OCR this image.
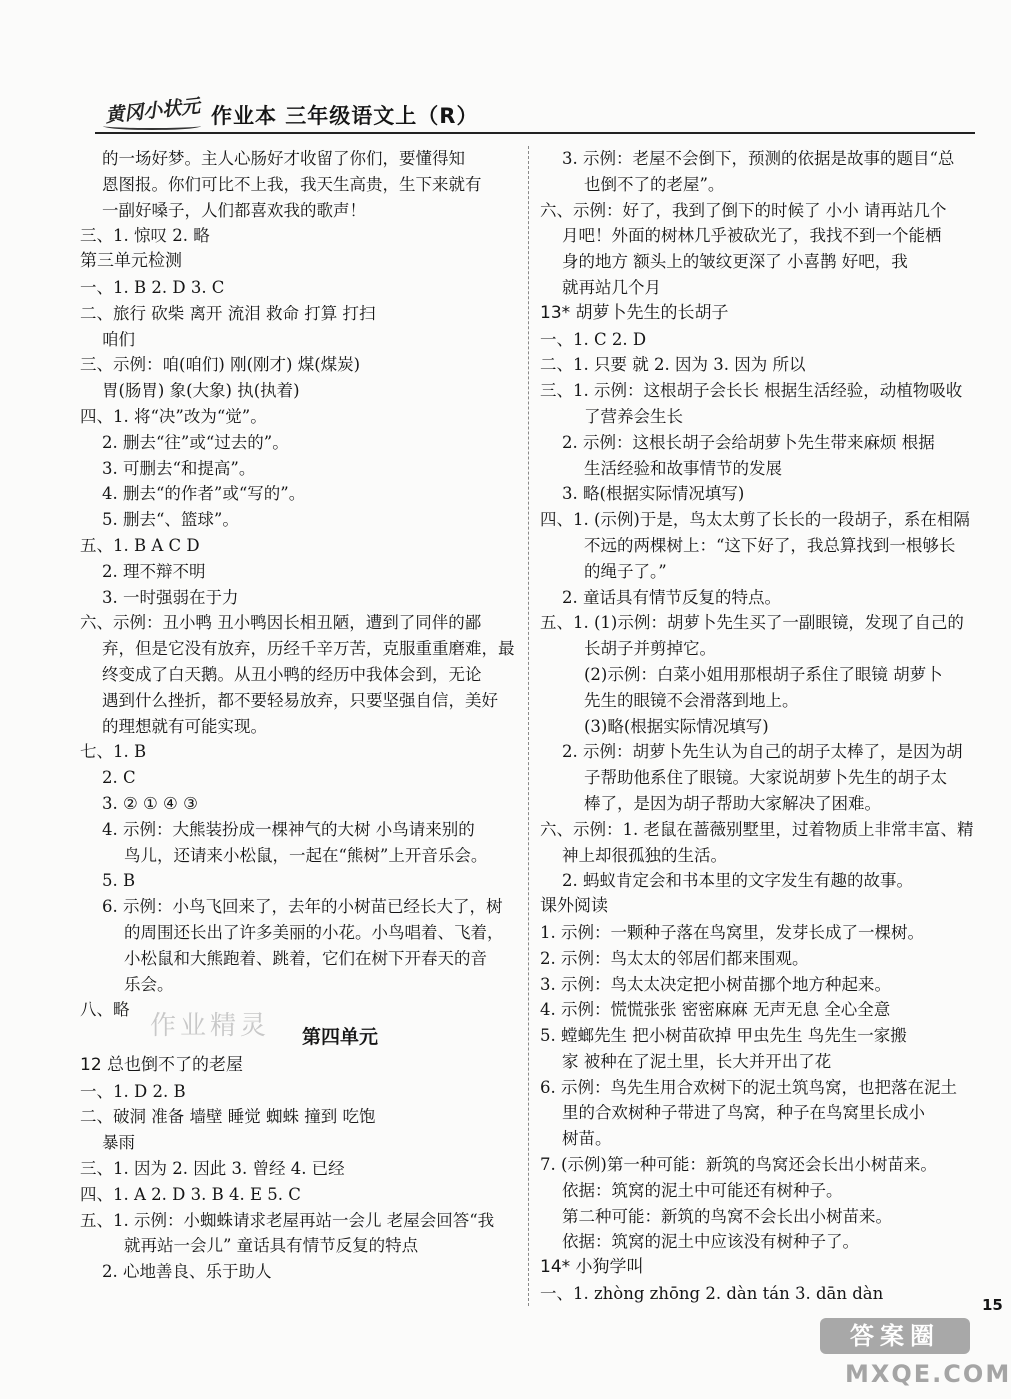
黄冈小状元 作业本 三年级语文上（R）
的一场好梦。主人心肠好才收留了你们，要懂得知
恩图报。你们可比不上我，我天生高贵，生下来就有
一副好嗓子，人们都喜欢我的歌声！
三、1. 惊叹 2. 略
第三单元检测
一、1. B 2. D 3. C
二、旅行 砍柴 离开 流泪 救命 打算 打扫
咱们
三、示例：咱(咱们) 刚(刚才) 煤(煤炭)
胃(肠胃) 象(大象) 执(执着)
四、1. 将“决”改为“觉”。
2. 删去“往”或“过去的”。
3. 可删去“和提高”。
4. 删去“的作者”或“写的”。
5. 删去“、篮球”。
五、1. B A C D
2. 理不辩不明
3. 一时强弱在于力
六、示例：丑小鸭 丑小鸭因长相丑陋，遭到了同伴的鄙
弃，但是它没有放弃，历经千辛万苦，克服重重磨难，最
终变成了白天鹅。从丑小鸭的经历中我体会到，无论
遇到什么挫折，都不要轻易放弃，只要坚强自信，美好
的理想就有可能实现。
七、1. B
2. C
3. ② ① ④ ③
4. 示例：大熊装扮成一棵神气的大树 小鸟请来别的
鸟儿，还请来小松鼠，一起在“熊树”上开音乐会。
5. B
6. 示例：小鸟飞回来了，去年的小树苗已经长大了，树
的周围还长出了许多美丽的小花。小鸟唱着、飞着，
小松鼠和大熊跑着、跳着，它们在树下开春天的音
乐会。
八、略
第四单元
12 总也倒不了的老屋
一、1. D 2. B
二、破洞 准备 墙壁 睡觉 蜘蛛 撞到 吃饱
暴雨
三、1. 因为 2. 因此 3. 曾经 4. 已经
四、1. A 2. D 3. B 4. E 5. C
五、1. 示例：小蜘蛛请求老屋再站一会儿 老屋会回答“我
就再站一会儿” 童话具有情节反复的特点
2. 心地善良、乐于助人
3. 示例：老屋不会倒下，预测的依据是故事的题目“总
也倒不了的老屋”。
六、示例：好了，我到了倒下的时候了 小小 请再站几个
月吧！外面的树林几乎被砍光了，我找不到一个能栖
身的地方 额头上的皱纹更深了 小喜鹊 好吧，我
就再站几个月
13* 胡萝卜先生的长胡子
一、1. C 2. D
二、1. 只要 就 2. 因为 3. 因为 所以
三、1. 示例：这根胡子会长长 根据生活经验，动植物吸收
了营养会生长
2. 示例：这根长胡子会给胡萝卜先生带来麻烦 根据
生活经验和故事情节的发展
3. 略(根据实际情况填写)
四、1. (示例)于是，鸟太太剪了长长的一段胡子，系在相隔
不远的两棵树上：“这下好了，我总算找到一根够长
的绳子了。”
2. 童话具有情节反复的特点。
五、1. (1)示例：胡萝卜先生买了一副眼镜，发现了自己的
长胡子并剪掉它。
(2)示例：白菜小姐用那根胡子系住了眼镜 胡萝卜
先生的眼镜不会滑落到地上。
(3)略(根据实际情况填写)
2. 示例：胡萝卜先生认为自己的胡子太棒了，是因为胡
子帮助他系住了眼镜。大家说胡萝卜先生的胡子太
棒了，是因为胡子帮助大家解决了困难。
六、示例：1. 老鼠在蔷薇别墅里，过着物质上非常丰富、精
神上却很孤独的生活。
2. 蚂蚁肯定会和书本里的文字发生有趣的故事。
课外阅读
1. 示例：一颗种子落在鸟窝里，发芽长成了一棵树。
2. 示例：鸟太太的邻居们都来围观。
3. 示例：鸟太太决定把小树苗挪个地方种起来。
4. 示例：慌慌张张 密密麻麻 无声无息 全心全意
5. 螳螂先生 把小树苗砍掉 甲虫先生 鸟先生一家搬
家 被种在了泥土里，长大并开出了花
6. 示例：鸟先生用合欢树下的泥土筑鸟窝，也把落在泥土
里的合欢树种子带进了鸟窝，种子在鸟窝里长成小
树苗。
7. (示例)第一种可能：新筑的鸟窝还会长出小树苗来。
依据：筑窝的泥土中可能还有树种子。
第二种可能：新筑的鸟窝不会长出小树苗来。
依据：筑窝的泥土中应该没有树种子了。
14* 小狗学叫
一、1. zhòng zhōng 2. dàn tán 3. dān dàn
作业精灵
15
答案圈
MXQE.COM
